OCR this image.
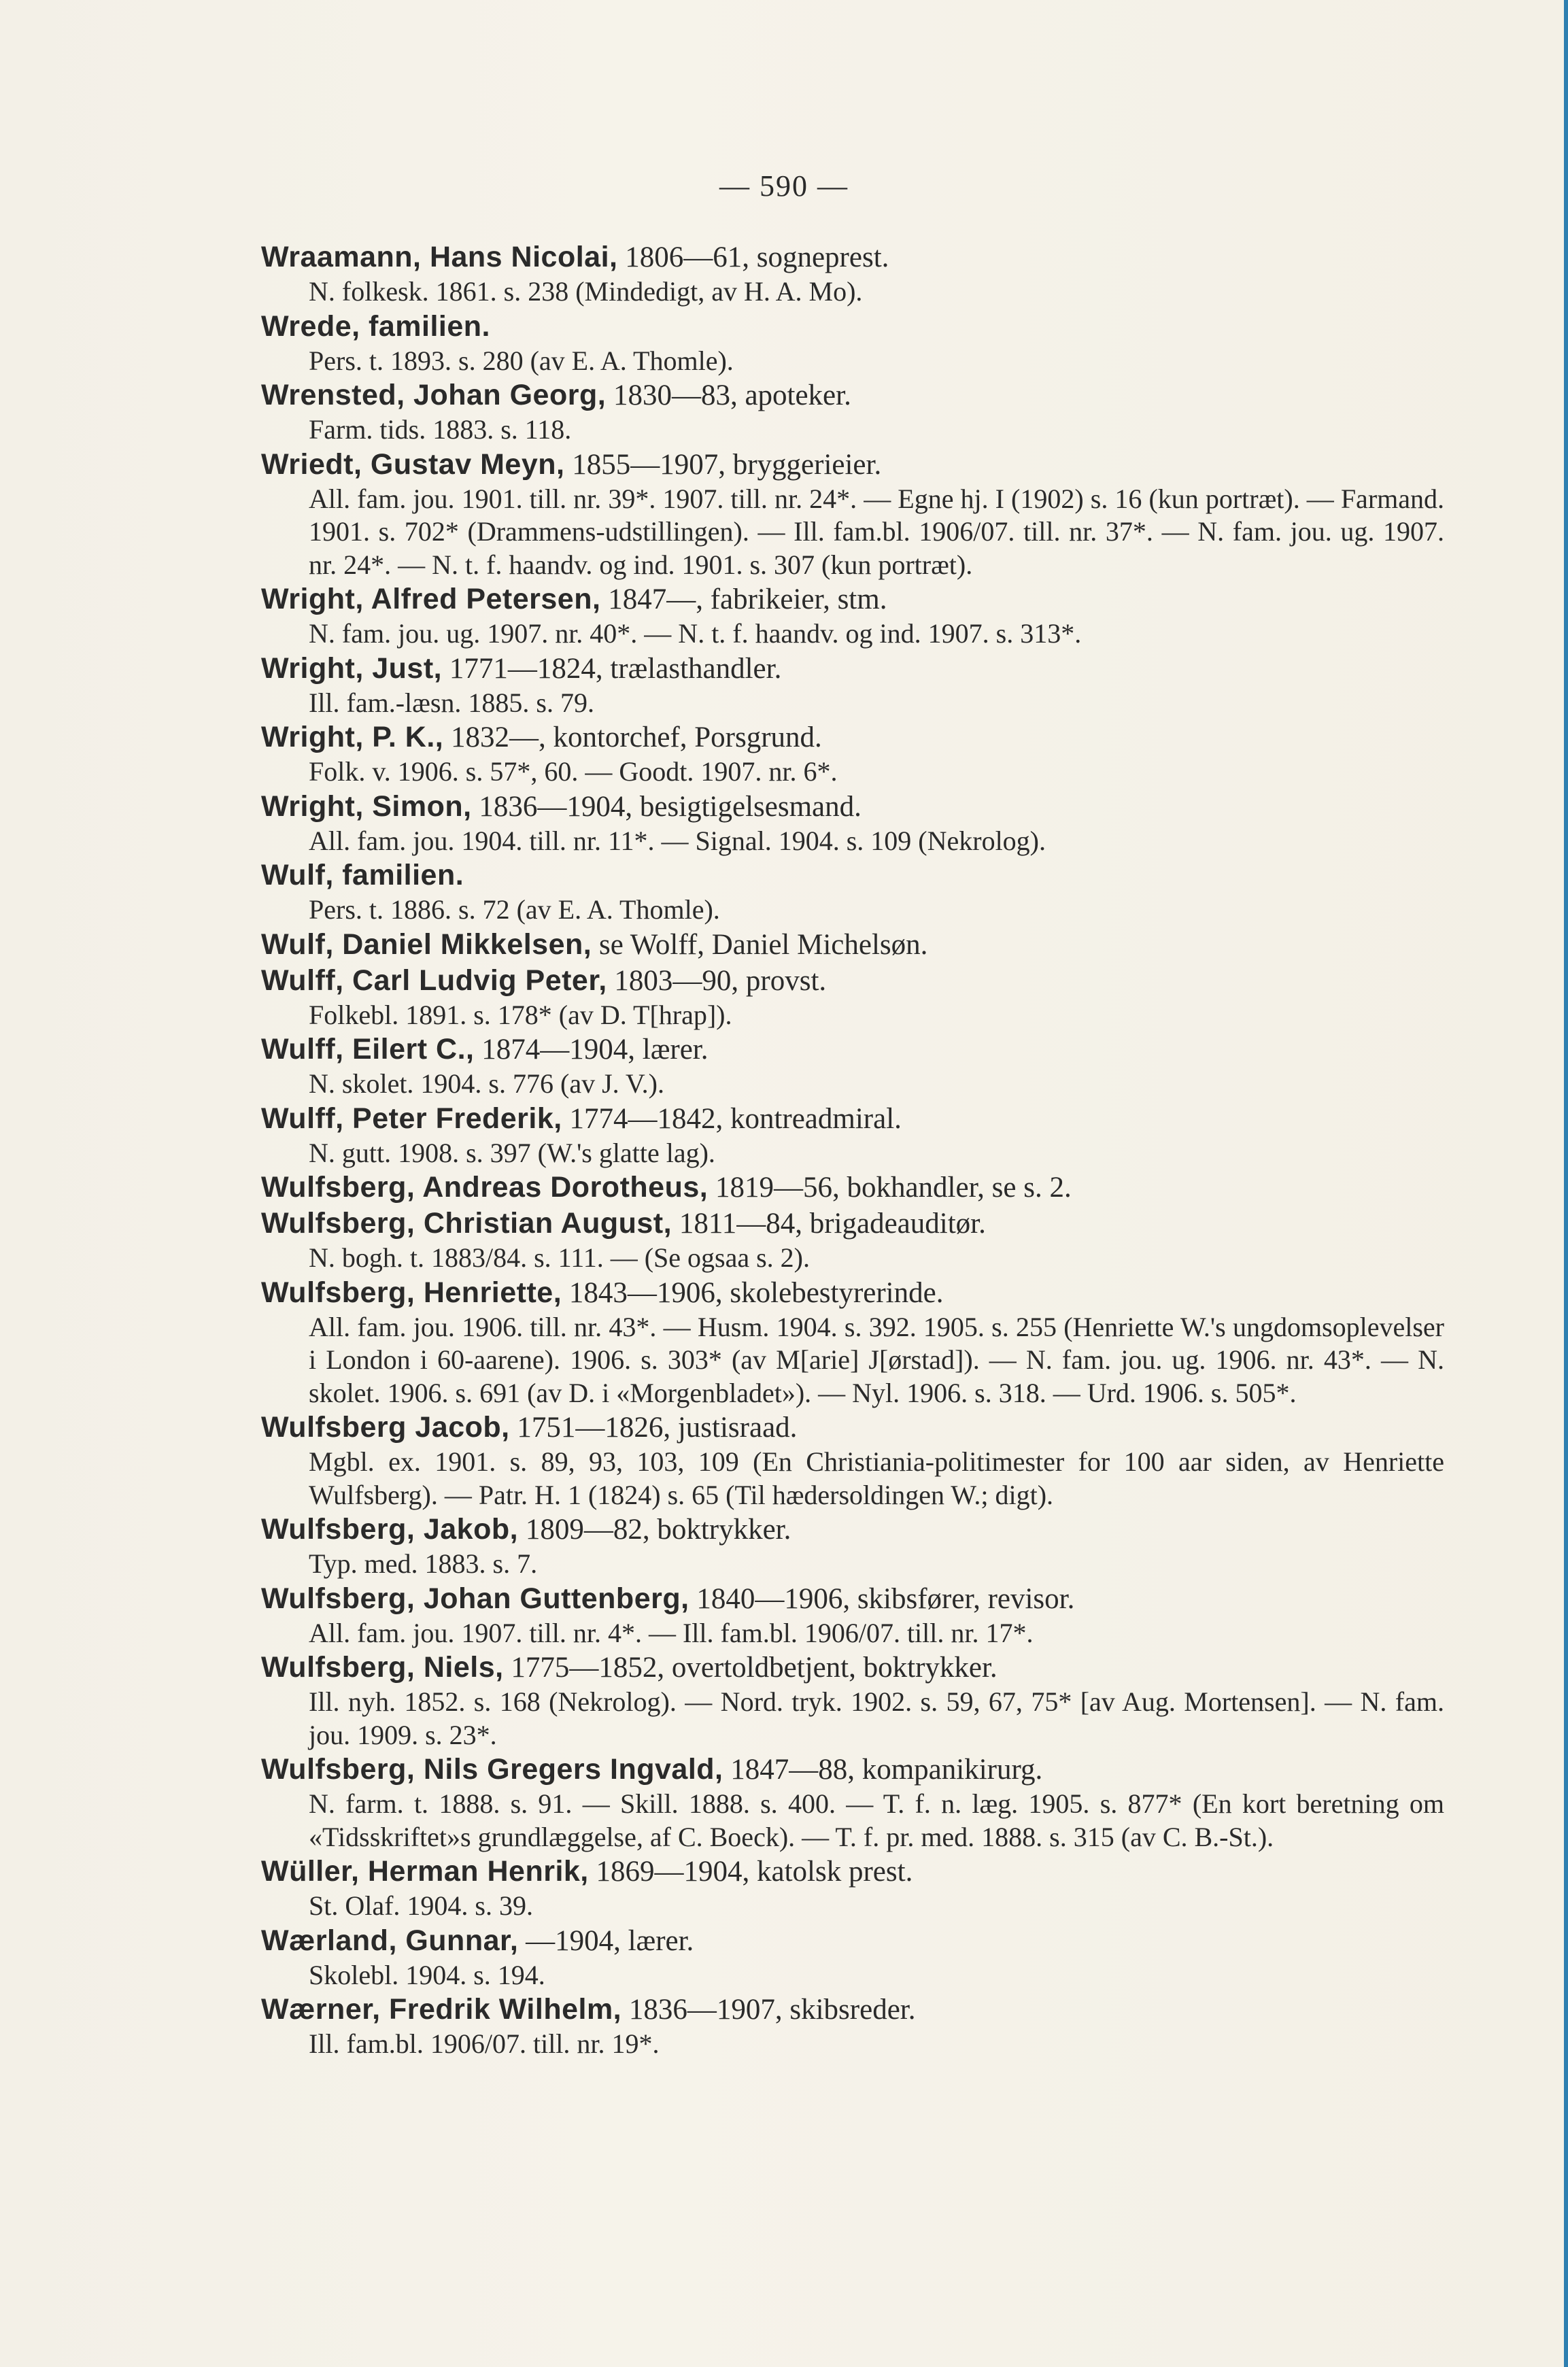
— 590 —
Wraamann, Hans Nicolai, 1806—61, sogneprest.
N. folkesk. 1861. s. 238 (Mindedigt, av H. A. Mo).
Wrede, familien.
Pers. t. 1893. s. 280 (av E. A. Thomle).
Wrensted, Johan Georg, 1830—83, apoteker.
Farm. tids. 1883. s. 118.
Wriedt, Gustav Meyn, 1855—1907, bryggerieier.
All. fam. jou. 1901. till. nr. 39*. 1907. till. nr. 24*. — Egne hj. I (1902) s. 16 (kun portræt). — Farmand. 1901. s. 702* (Drammens-udstillingen). — Ill. fam.bl. 1906/07. till. nr. 37*. — N. fam. jou. ug. 1907. nr. 24*. — N. t. f. haandv. og ind. 1901. s. 307 (kun portræt).
Wright, Alfred Petersen, 1847—, fabrikeier, stm.
N. fam. jou. ug. 1907. nr. 40*. — N. t. f. haandv. og ind. 1907. s. 313*.
Wright, Just, 1771—1824, trælasthandler.
Ill. fam.-læsn. 1885. s. 79.
Wright, P. K., 1832—, kontorchef, Porsgrund.
Folk. v. 1906. s. 57*, 60. — Goodt. 1907. nr. 6*.
Wright, Simon, 1836—1904, besigtigelsesmand.
All. fam. jou. 1904. till. nr. 11*. — Signal. 1904. s. 109 (Nekrolog).
Wulf, familien.
Pers. t. 1886. s. 72 (av E. A. Thomle).
Wulf, Daniel Mikkelsen, se Wolff, Daniel Michelsøn.
Wulff, Carl Ludvig Peter, 1803—90, provst.
Folkebl. 1891. s. 178* (av D. T[hrap]).
Wulff, Eilert C., 1874—1904, lærer.
N. skolet. 1904. s. 776 (av J. V.).
Wulff, Peter Frederik, 1774—1842, kontreadmiral.
N. gutt. 1908. s. 397 (W.'s glatte lag).
Wulfsberg, Andreas Dorotheus, 1819—56, bokhandler, se s. 2.
Wulfsberg, Christian August, 1811—84, brigadeauditør.
N. bogh. t. 1883/84. s. 111. — (Se ogsaa s. 2).
Wulfsberg, Henriette, 1843—1906, skolebestyrerinde.
All. fam. jou. 1906. till. nr. 43*. — Husm. 1904. s. 392. 1905. s. 255 (Henriette W.'s ungdomsoplevelser i London i 60-aarene). 1906. s. 303* (av M[arie] J[ørstad]). — N. fam. jou. ug. 1906. nr. 43*. — N. skolet. 1906. s. 691 (av D. i «Morgenbladet»). — Nyl. 1906. s. 318. — Urd. 1906. s. 505*.
Wulfsberg Jacob, 1751—1826, justisraad.
Mgbl. ex. 1901. s. 89, 93, 103, 109 (En Christiania-politimester for 100 aar siden, av Henriette Wulfsberg). — Patr. H. 1 (1824) s. 65 (Til hædersoldingen W.; digt).
Wulfsberg, Jakob, 1809—82, boktrykker.
Typ. med. 1883. s. 7.
Wulfsberg, Johan Guttenberg, 1840—1906, skibsfører, revisor.
All. fam. jou. 1907. till. nr. 4*. — Ill. fam.bl. 1906/07. till. nr. 17*.
Wulfsberg, Niels, 1775—1852, overtoldbetjent, boktrykker.
Ill. nyh. 1852. s. 168 (Nekrolog). — Nord. tryk. 1902. s. 59, 67, 75* [av Aug. Mortensen]. — N. fam. jou. 1909. s. 23*.
Wulfsberg, Nils Gregers Ingvald, 1847—88, kompanikirurg.
N. farm. t. 1888. s. 91. — Skill. 1888. s. 400. — T. f. n. læg. 1905. s. 877* (En kort beretning om «Tidsskriftet»s grundlæggelse, af C. Boeck). — T. f. pr. med. 1888. s. 315 (av C. B.-St.).
Wüller, Herman Henrik, 1869—1904, katolsk prest.
St. Olaf. 1904. s. 39.
Wærland, Gunnar, —1904, lærer.
Skolebl. 1904. s. 194.
Wærner, Fredrik Wilhelm, 1836—1907, skibsreder.
Ill. fam.bl. 1906/07. till. nr. 19*.
